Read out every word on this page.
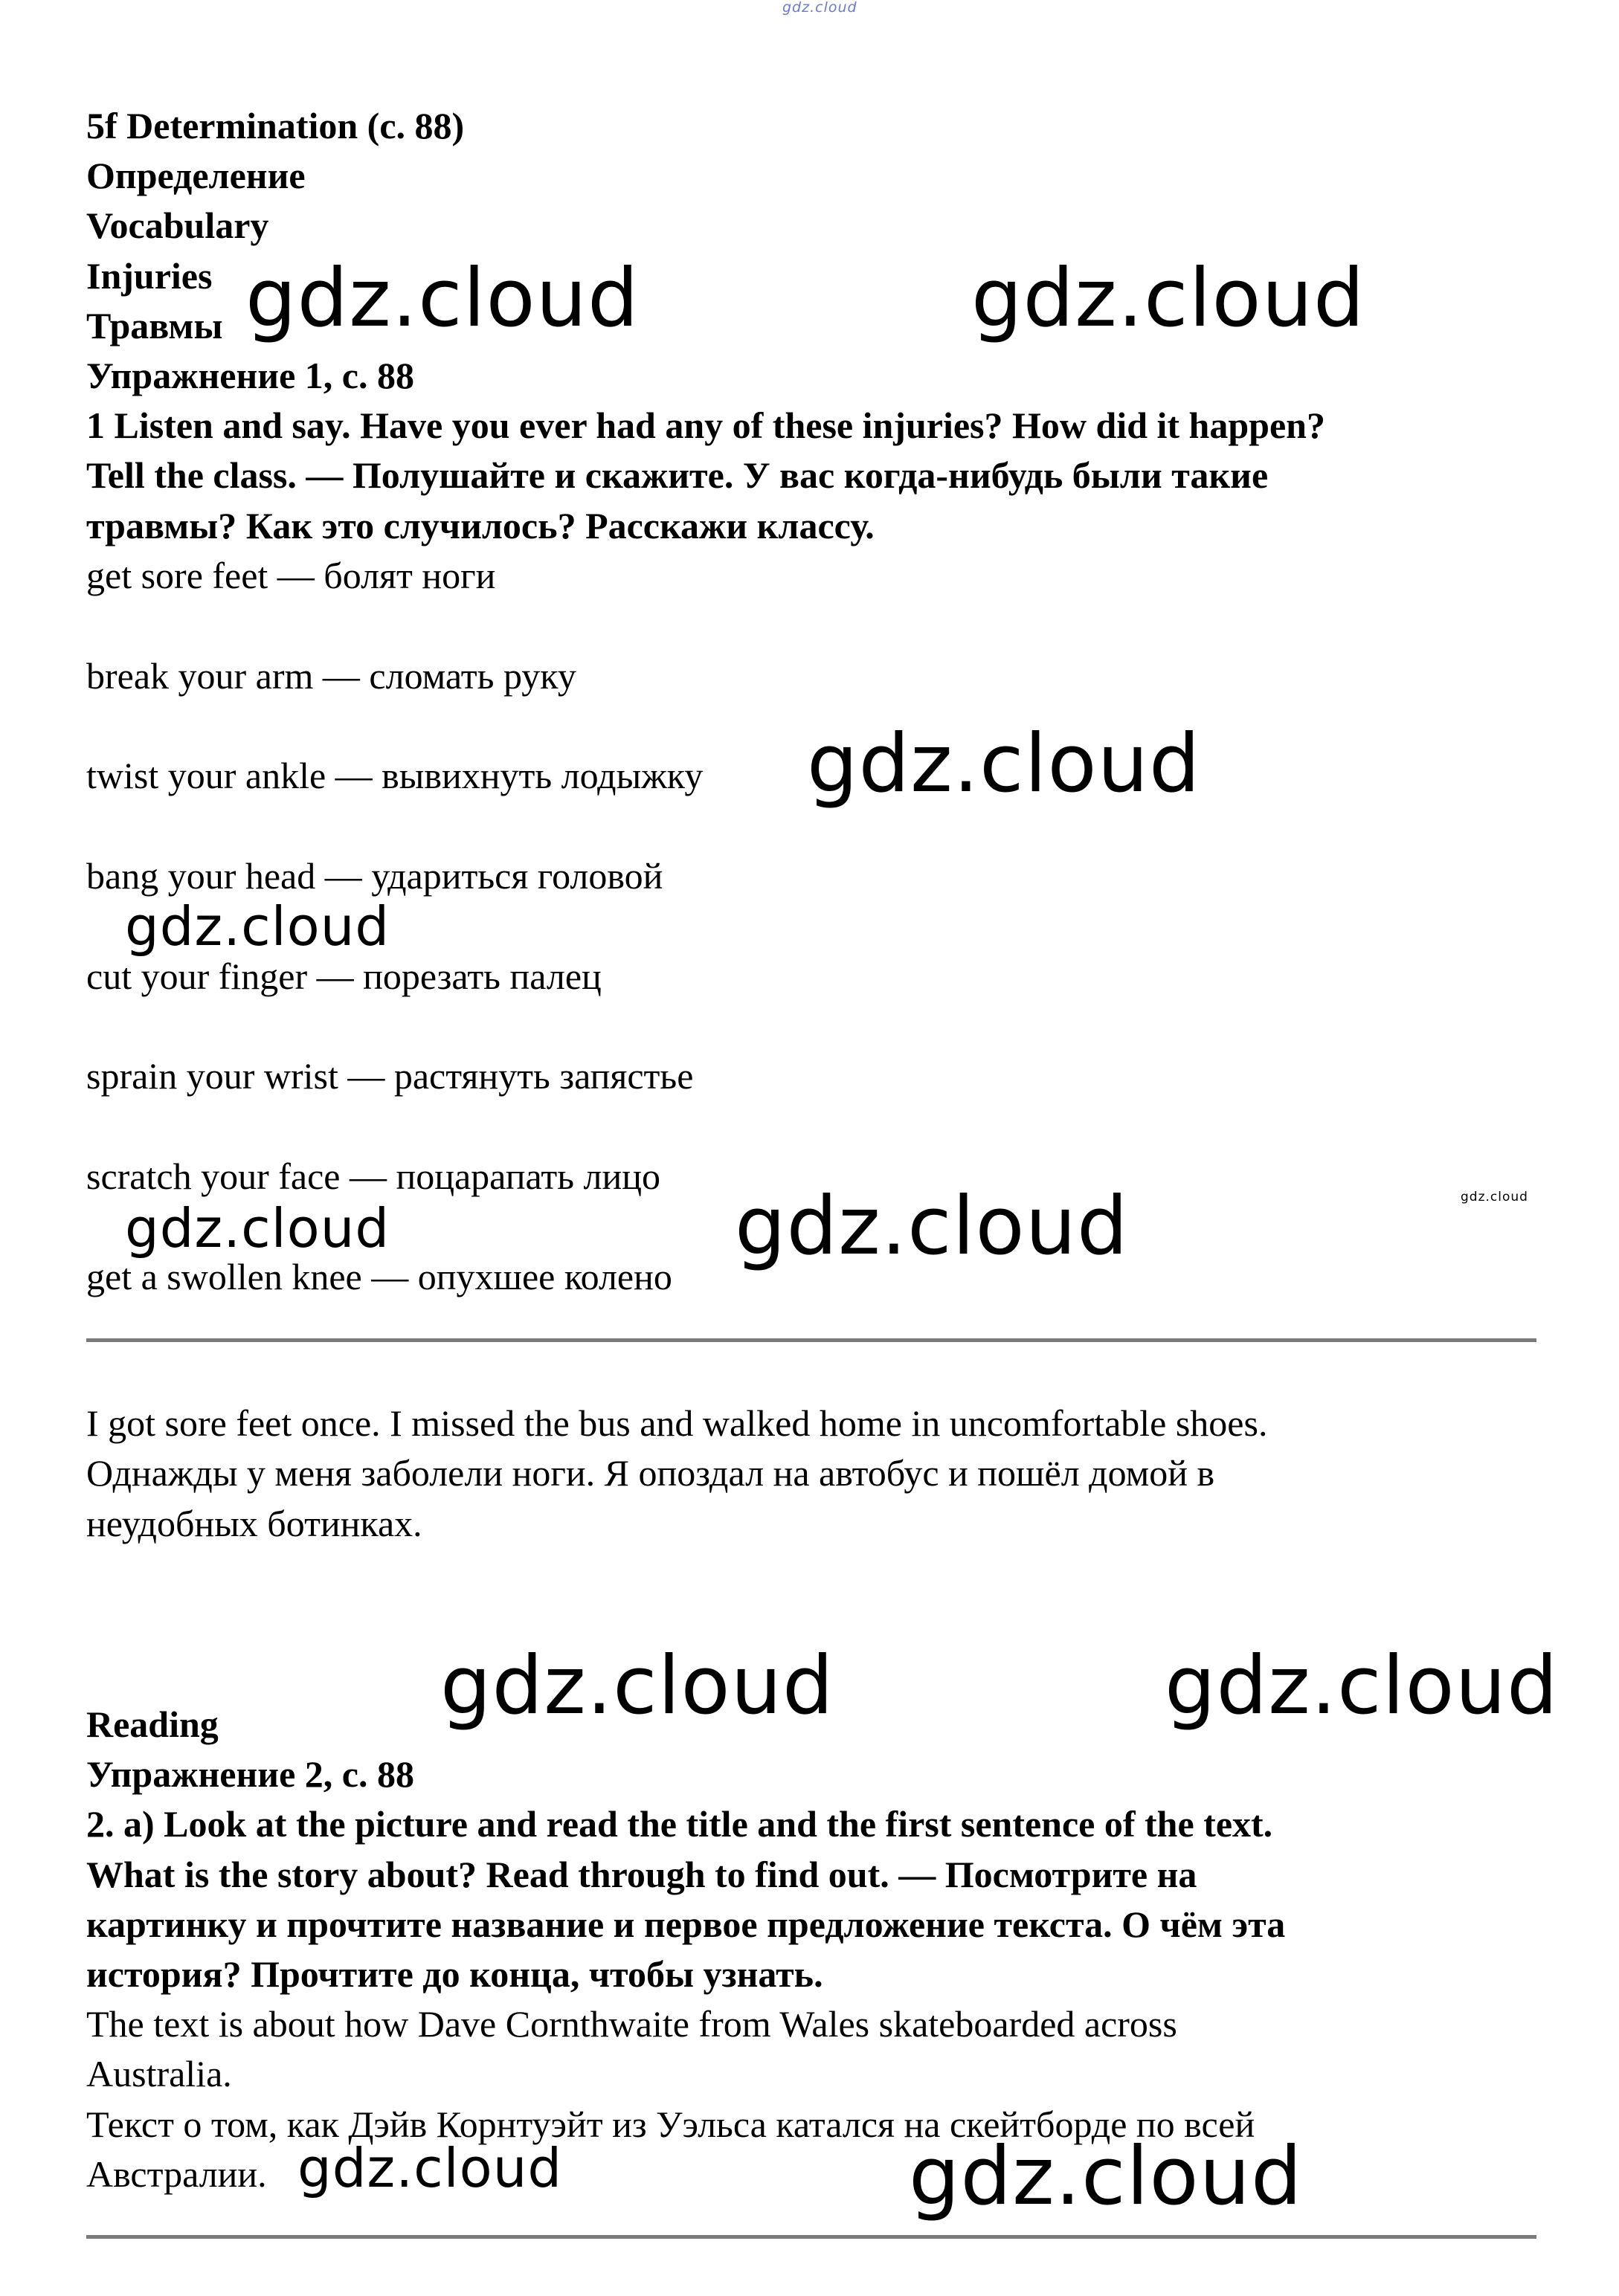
gdz.cloud
5f Determination (с. 88)
Определение
Vocabulary
Injuries
Травмы
Упражнение 1, с. 88
1 Listen and say. Have you ever had any of these injuries? How did it happen?
Tell the class. — Полушайте и скажите. У вас когда-нибудь были такие
травмы? Как это случилось? Расскажи классу.
get sore feet — болят ноги
break your arm — сломать руку
twist your ankle — вывихнуть лодыжку
bang your head — удариться головой
cut your finger — порезать палец
sprain your wrist — растянуть запястье
scratch your face — поцарапать лицо
get a swollen knee — опухшее колено
I got sore feet once. I missed the bus and walked home in uncomfortable shoes.
Однажды у меня заболели ноги. Я опоздал на автобус и пошёл домой в
неудобных ботинках.
Reading
Упражнение 2, с. 88
2. a) Look at the picture and read the title and the first sentence of the text.
What is the story about? Read through to find out. — Посмотрите на
картинку и прочтите название и первое предложение текста. О чём эта
история? Прочтите до конца, чтобы узнать.
The text is about how Dave Cornthwaite from Wales skateboarded across
Australia.
Текст о том, как Дэйв Корнтуэйт из Уэльса катался на скейтборде по всей
Австралии.
gdz.cloud	gdz.cloud
gdz.cloud
gdz.cloud
gdz.cloud
gdz.cloud	gdz.cloud
gdz.cloud	gdz.cloud
gdz.cloud	gdz.cloud
